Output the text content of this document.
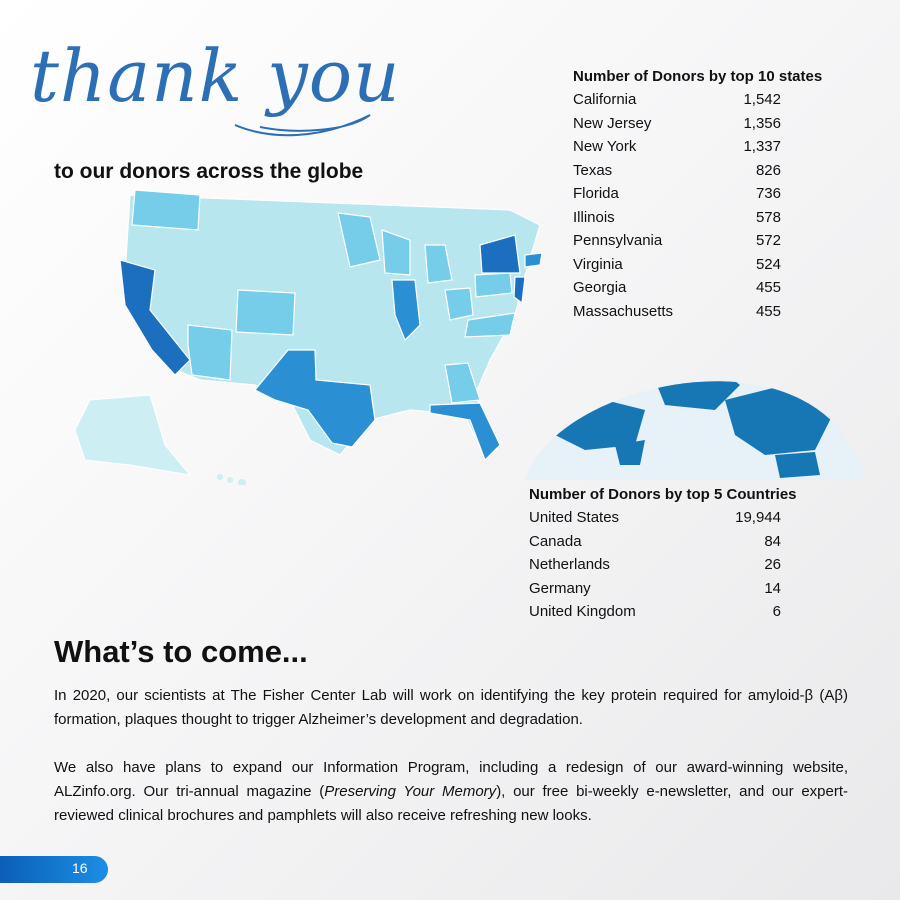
thank you
to our donors across the globe
Number of Donors by top 10 states
California	1,542
New Jersey	1,356
New York	1,337
Texas	826
Florida	736
Illinois	578
Pennsylvania	572
Virginia	524
Georgia	455
Massachusetts	455
Number of Donors by top 5 Countries
United States	19,944
Canada	84
Netherlands	26
Germany	14
United Kingdom	6
What’s to come...
In 2020, our scientists at The Fisher Center Lab will work on identifying the key protein required for amyloid-β (Aβ) formation, plaques thought to trigger Alzheimer’s development and degradation.
We also have plans to expand our Information Program, including a redesign of our award-winning website, ALZinfo.org. Our tri-annual magazine (Preserving Your Memory), our free bi-weekly e-newsletter, and our expert-reviewed clinical brochures and pamphlets will also receive refreshing new looks.
16
